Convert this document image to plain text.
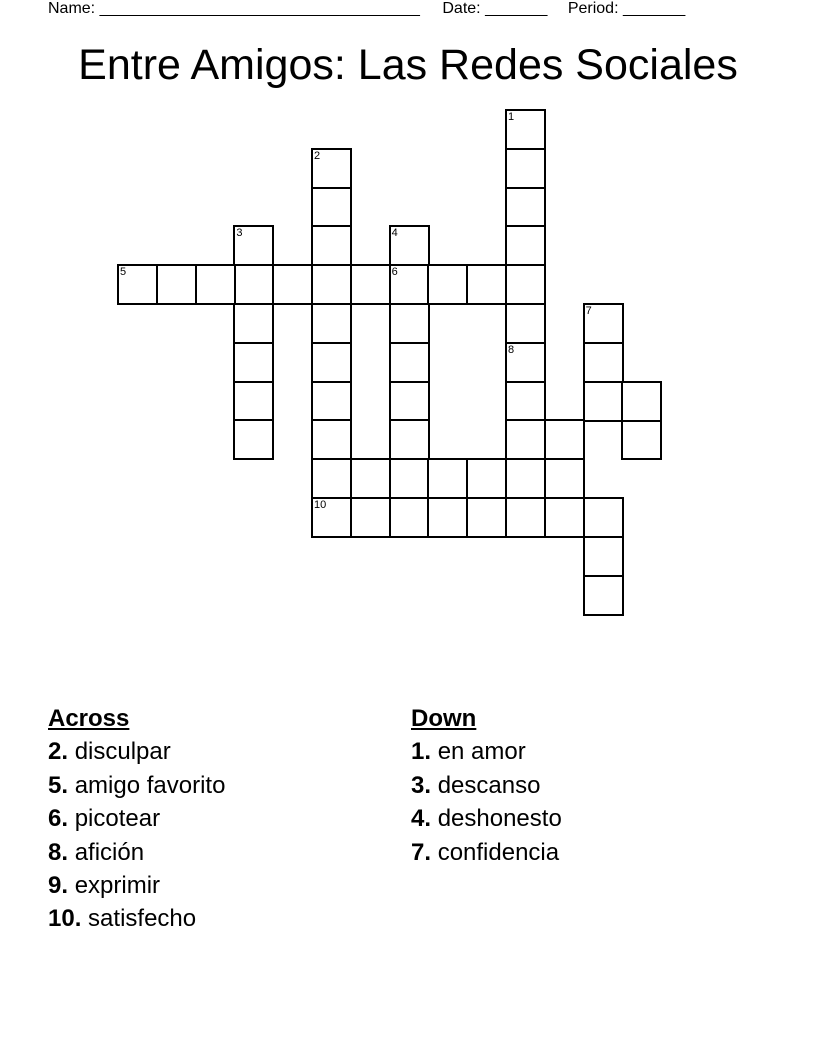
Name: ____________________________________ Date: _______ Period: _______
Entre Amigos: Las Redes Sociales
1
8
2
3	4
6
5
10
7
Across
2. disculpar
5. amigo favorito
6. picotear
8. afición
9. exprimir
10. satisfecho
Down
1. en amor
3. descanso
4. deshonesto
7. confidencia
